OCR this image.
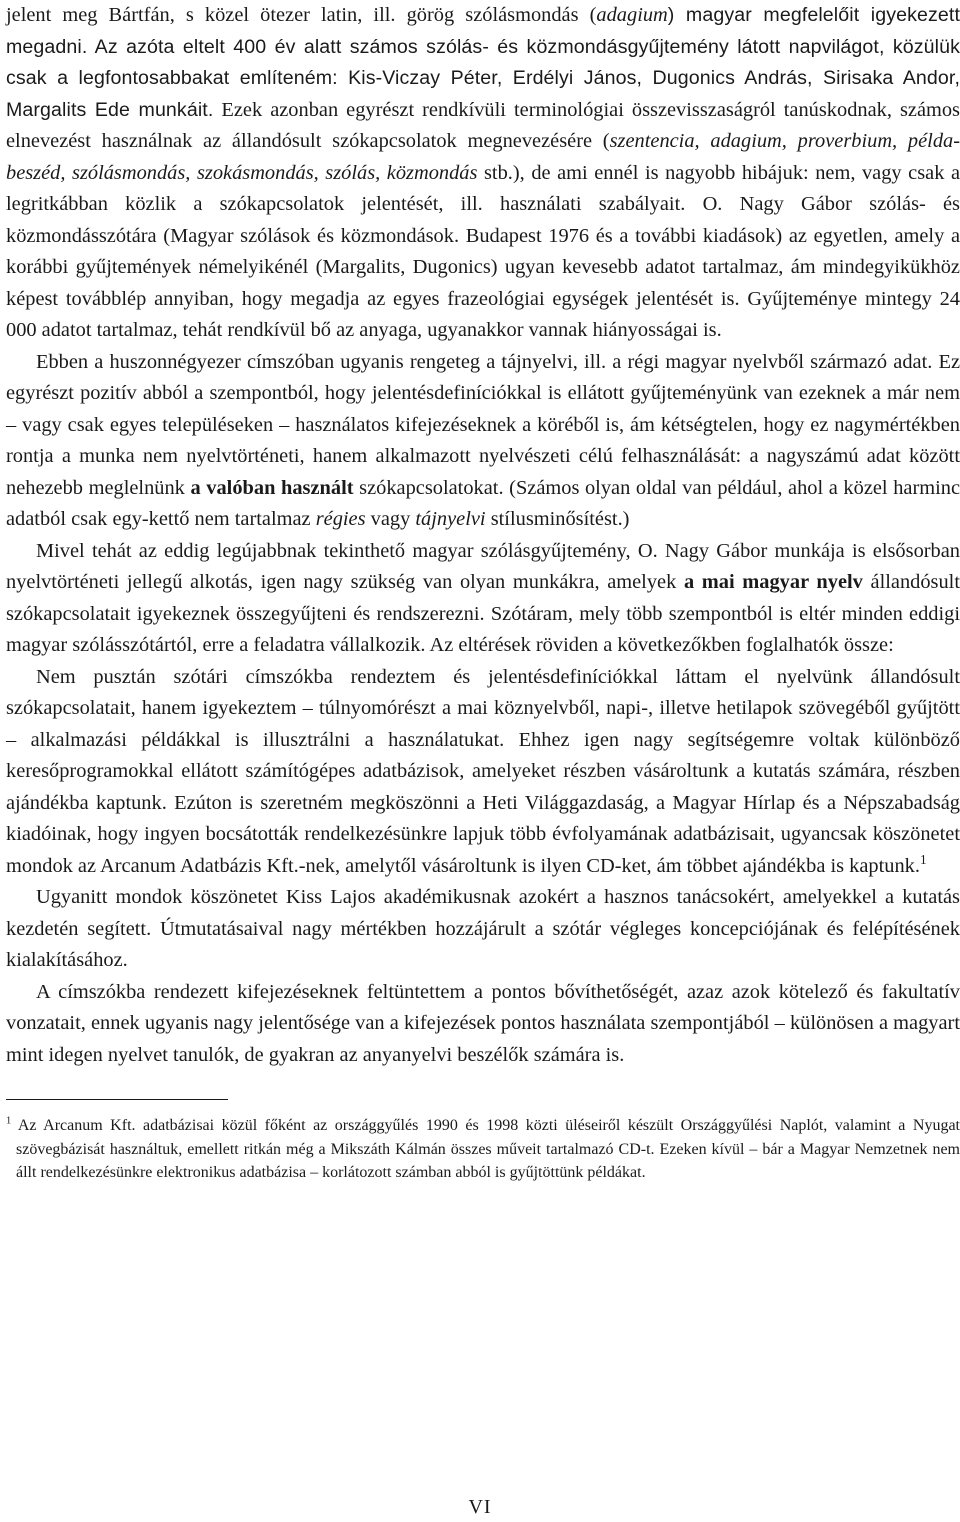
jelent meg Bártfán, s közel ötezer latin, ill. görög szólásmondás (adagium) magyar megfelelőit igyekezett megadni. Az azóta eltelt 400 év alatt számos szólás- és közmondásgyűjtemény látott napvilágot, közülük csak a legfontosabbakat említeném: Kis-Viczay Péter, Erdélyi János, Dugonics András, Sirisaka Andor, Margalits Ede munkáit. Ezek azonban egyrészt rendkívüli terminológiai összevisszaságról tanúskodnak, számos elnevezést használnak az állandósult szókapcsolatok megnevezésére (szentencia, adagium, proverbium, példa-beszéd, szólásmondás, szokásmondás, szólás, közmondás stb.), de ami ennél is nagyobb hibájuk: nem, vagy csak a legritkábban közlik a szókapcsolatok jelentését, ill. használati szabályait. O. Nagy Gábor szólás- és közmondásszótára (Magyar szólások és közmondások. Budapest 1976 és a további kiadások) az egyetlen, amely a korábbi gyűjtemények némelyikénél (Margalits, Dugonics) ugyan kevesebb adatot tartalmaz, ám mindegyikükhöz képest továbblép annyiban, hogy megadja az egyes frazeológiai egységek jelentését is. Gyűjteménye mintegy 24 000 adatot tartalmaz, tehát rendkívül bő az anyaga, ugyanakkor vannak hiányosságai is.

Ebben a huszonnégyezer címszóban ugyanis rengeteg a tájnyelvi, ill. a régi magyar nyelvből származó adat. Ez egyrészt pozitív abból a szempontból, hogy jelentésdefiníciókkal is ellátott gyűjteményünk van ezeknek a már nem – vagy csak egyes településeken – használatos kifejezéseknek a köréből is, ám kétségtelen, hogy ez nagymértékben rontja a munka nem nyelvtörténeti, hanem alkalmazott nyelvészeti célú felhasználását: a nagyszámú adat között nehezebb meglelnünk a valóban használt szókapcsolatokat. (Számos olyan oldal van például, ahol a közel harminc adatból csak egy-kettő nem tartalmaz régies vagy tájnyelvi stílusminősítést.)

Mivel tehát az eddig legújabbnak tekinthető magyar szólásgyűjtemény, O. Nagy Gábor munkája is elsősorban nyelvtörténeti jellegű alkotás, igen nagy szükség van olyan munkákra, amelyek a mai magyar nyelv állandósult szókapcsolatait igyekeznek összegyűjteni és rendszerezni. Szótáram, mely több szempontból is eltér minden eddigi magyar szólásszótártól, erre a feladatra vállalkozik. Az eltérések röviden a következőkben foglalhatók össze:

Nem pusztán szótári címszókba rendeztem és jelentésdefiníciókkal láttam el nyelvünk állandósult szókapcsolatait, hanem igyekeztem – túlnyomórészt a mai köznyelvből, napi-, illetve hetilapok szövegéből gyűjtött – alkalmazási példákkal is illusztrálni a használatukat. Ehhez igen nagy segítségemre voltak különböző keresőprogramokkal ellátott számítógépes adatbázisok, amelyeket részben vásároltunk a kutatás számára, részben ajándékba kaptunk. Ezúton is szeretném megköszönni a Heti Világgazdaság, a Magyar Hírlap és a Népszabadság kiadóinak, hogy ingyen bocsátották rendelkezésünkre lapjuk több évfolyamának adatbázisait, ugyancsak köszönetet mondok az Arcanum Adatbázis Kft.-nek, amelytől vásároltunk is ilyen CD-ket, ám többet ajándékba is kaptunk.$^1$

Ugyanitt mondok köszönetet Kiss Lajos akadémikusnak azokért a hasznos tanácsokért, amelyekkel a kutatás kezdetén segített. Útmutatásaival nagy mértékben hozzájárult a szótár végleges koncepciójának és felépítésének kialakításához.

A címszókba rendezett kifejezéseknek feltüntettem a pontos bővíthetőségét, azaz azok kötelező és fakultatív vonzatait, ennek ugyanis nagy jelentősége van a kifejezések pontos használata szempontjából – különösen a magyart mint idegen nyelvet tanulók, de gyakran az anyanyelvi beszélők számára is.

$^1$ Az Arcanum Kft. adatbázisai közül főként az országgyűlés 1990 és 1998 közti üléseiről készült Országgyűlési Naplót, valamint a Nyugat szövegbázisát használtuk, emellett ritkán még a Mikszáth Kálmán összes műveit tartalmazó CD-t. Ezeken kívül – bár a Magyar Nemzetnek nem állt rendelkezésünkre elektronikus adatbázisa – korlátozott számban abból is gyűjtöttünk példákat.

VI
